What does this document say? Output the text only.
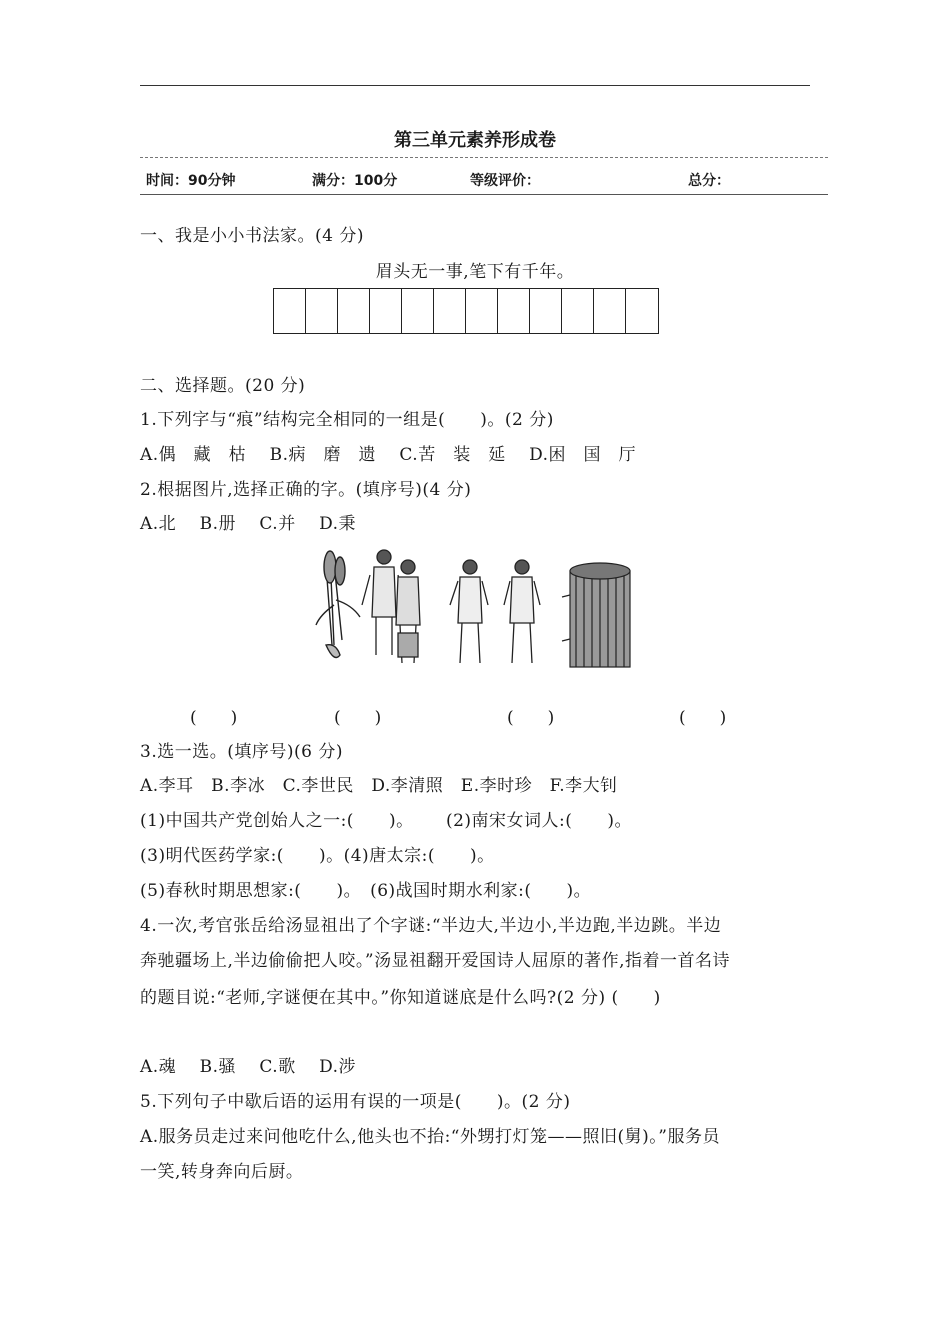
第三单元素养形成卷
时间：90分钟	满分：100分	等级评价：	总分：
一、我是小小书法家。(4 分)
眉头无一事,笔下有千年。
二、选择题。(20 分)
1.下列字与“痕”结构完全相同的一组是(　　)。(2 分)
A.偶　藏　枯　 B.病　磨　遗　 C.苦　装　延　 D.困　国　厅
2.根据图片,选择正确的字。(填序号)(4 分)
A.北　 B.册　 C.并　 D.秉
(　　)	(　　)	(　　)	(　　)
3.选一选。(填序号)(6 分)
A.李耳　B.李冰　C.李世民　D.李清照　E.李时珍　F.李大钊
(1)中国共产党创始人之一:(　　)。　　 (2)南宋女词人:(　　)。
(3)明代医药学家:(　　)。(4)唐太宗:(　　)。
(5)春秋时期思想家:(　　)。　(6)战国时期水利家:(　　)。
4.一次,考官张岳给汤显祖出了个字谜:“半边大,半边小,半边跑,半边跳。半边
奔驰疆场上,半边偷偷把人咬。”汤显祖翻开爱国诗人屈原的著作,指着一首名诗
的题目说:“老师,字谜便在其中。”你知道谜底是什么吗?(2 分) (　　)
A.魂　 B.骚　 C.歌　 D.涉
5.下列句子中歇后语的运用有误的一项是(　　)。(2 分)
A.服务员走过来问他吃什么,他头也不抬:“外甥打灯笼——照旧(舅)。”服务员
一笑,转身奔向后厨。
